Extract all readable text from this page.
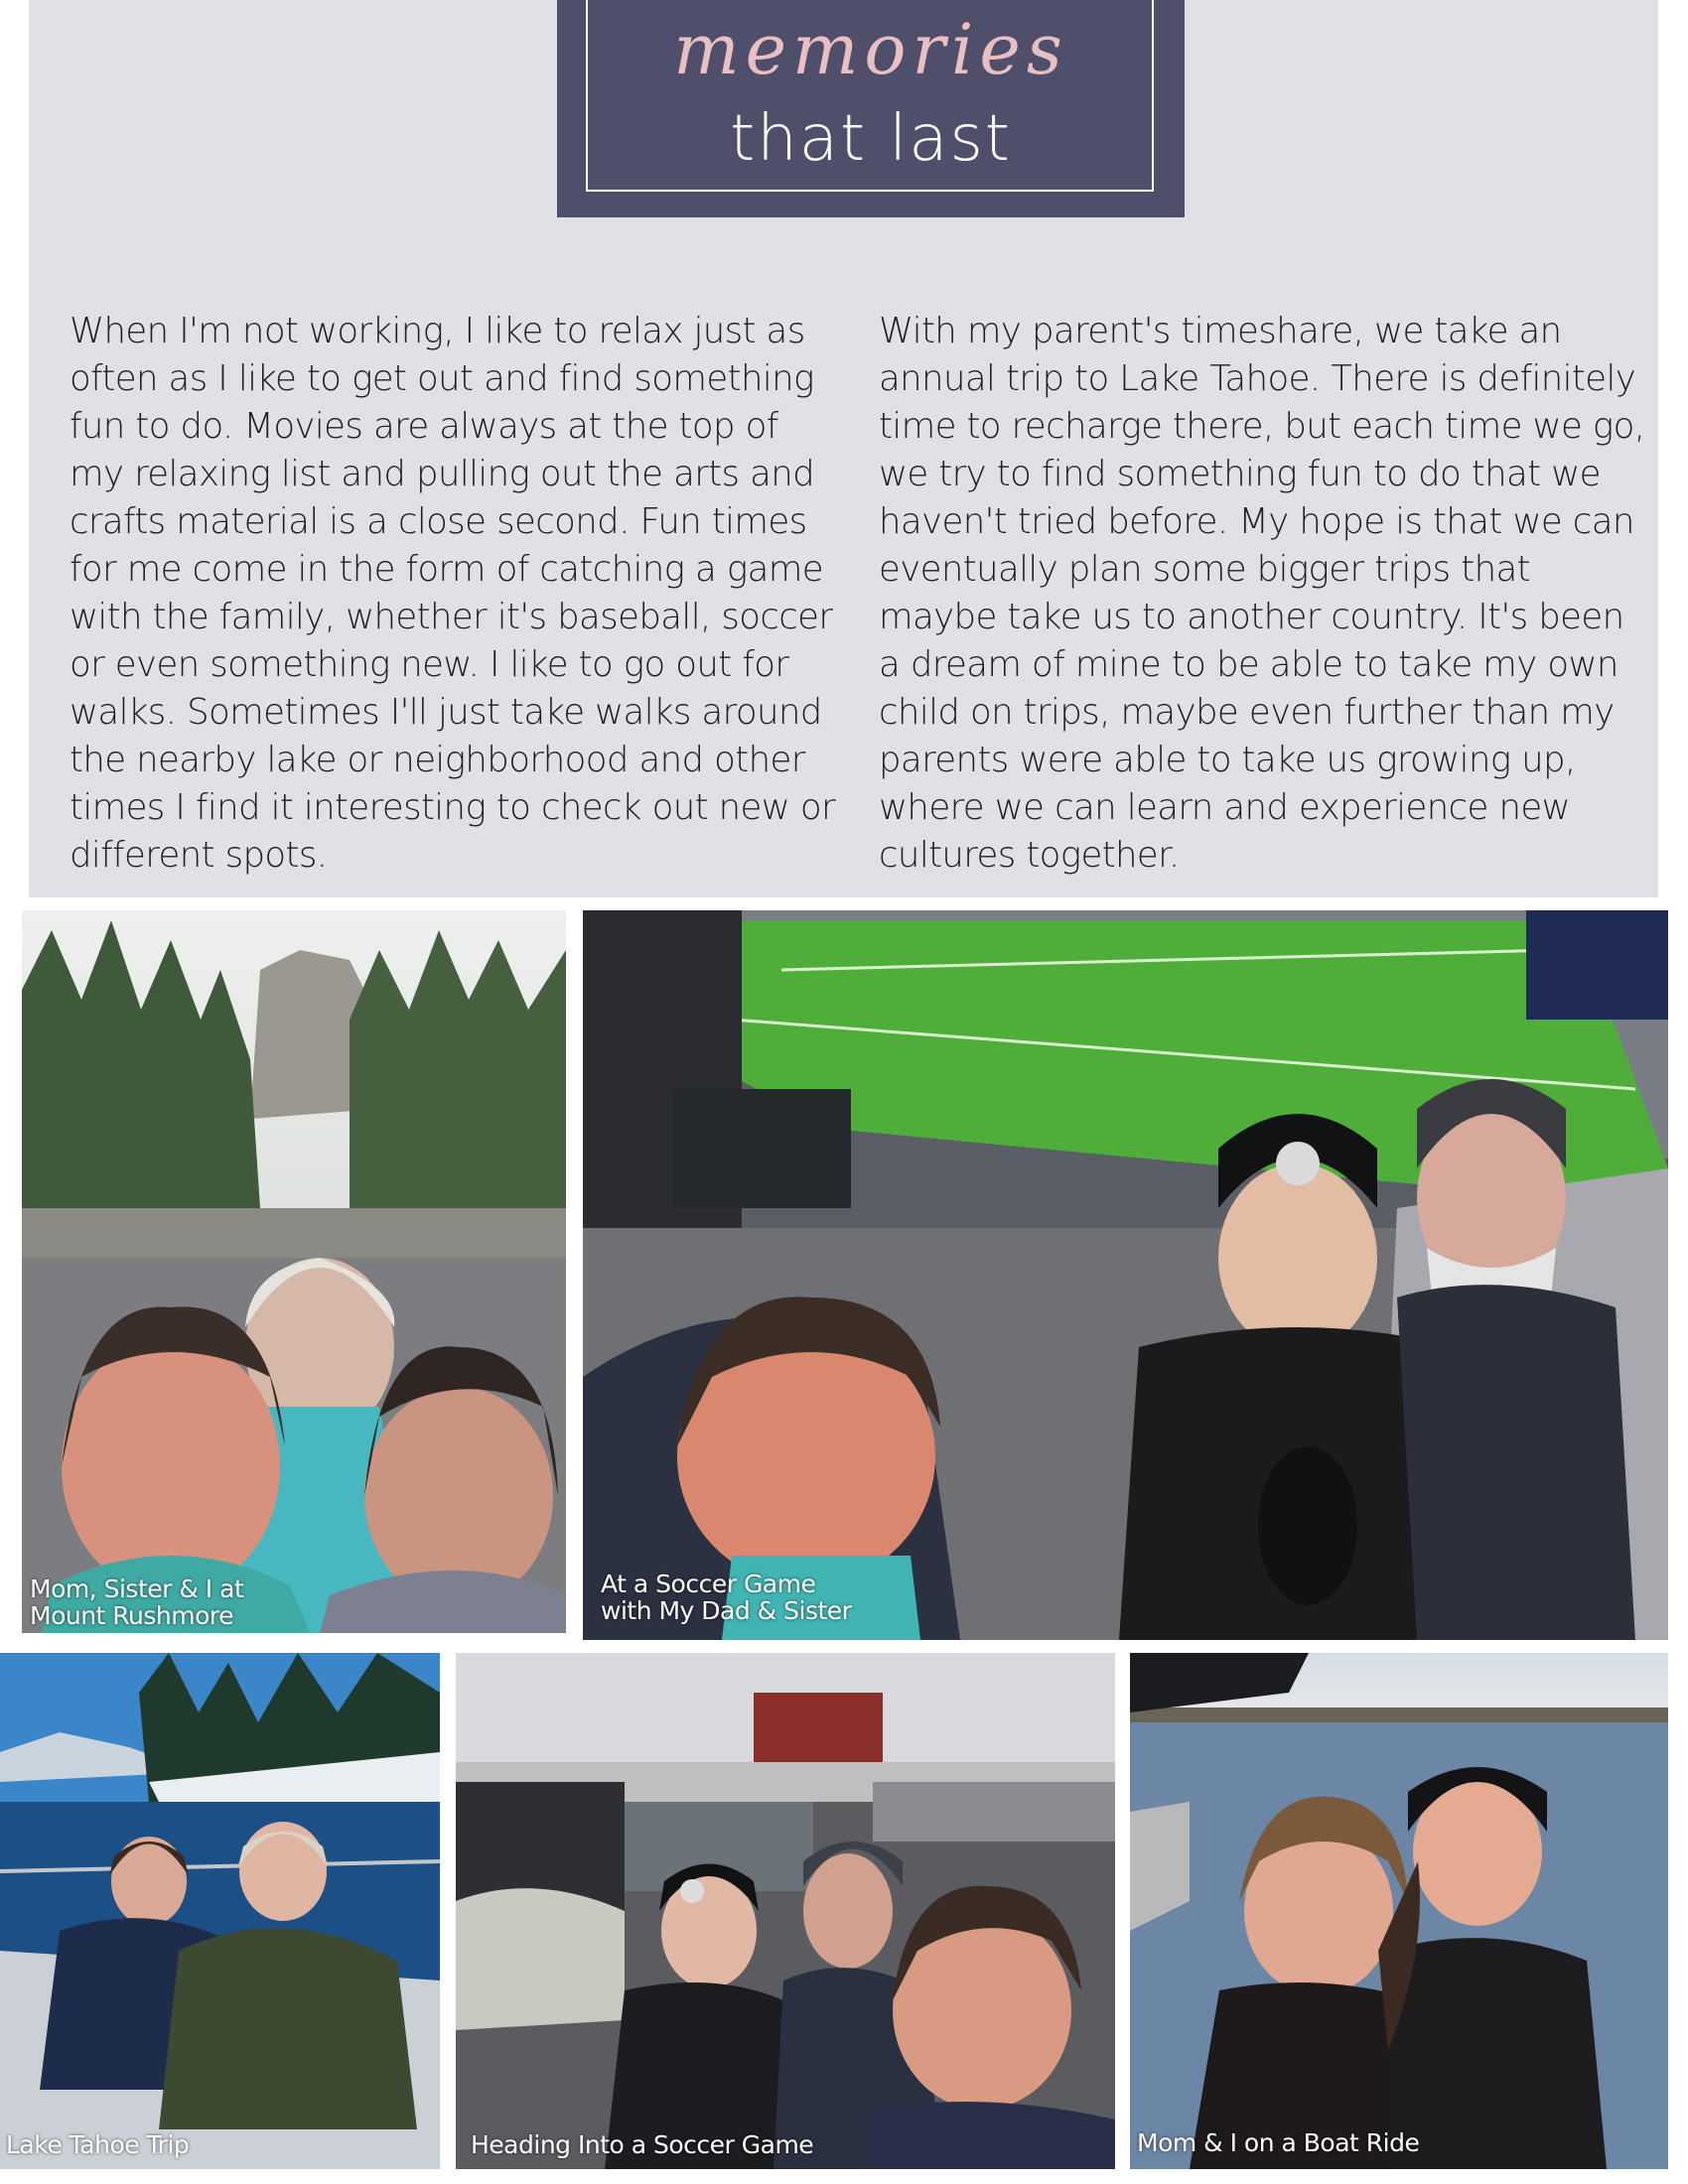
memories
that last

When I'm not working, I like to relax just as often as I like to get out and find something fun to do. Movies are always at the top of my relaxing list and pulling out the arts and crafts material is a close second. Fun times for me come in the form of catching a game with the family, whether it's baseball, soccer or even something new. I like to go out for walks. Sometimes I'll just take walks around the nearby lake or neighborhood and other times I find it interesting to check out new or different spots.

With my parent's timeshare, we take an annual trip to Lake Tahoe. There is definitely time to recharge there, but each time we go, we try to find something fun to do that we haven't tried before. My hope is that we can eventually plan some bigger trips that maybe take us to another country. It's been a dream of mine to be able to take my own child on trips, maybe even further than my parents were able to take us growing up, where we can learn and experience new cultures together.

Mom, Sister & I at
Mount Rushmore
At a Soccer Game
with My Dad & Sister
Lake Tahoe Trip	Heading Into a Soccer Game	Mom & I on a Boat Ride
